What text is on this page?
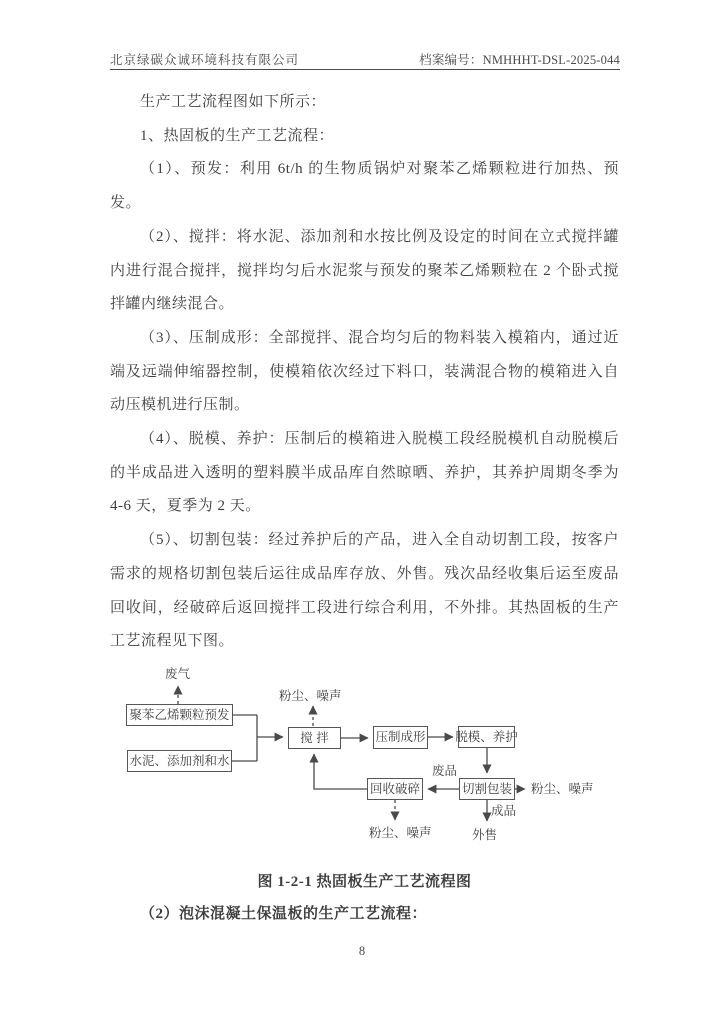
北京绿碳众诚环境科技有限公司	档案编号：NMHHHT-DSL-2025-044

生产工艺流程图如下所示：

1、热固板的生产工艺流程：

（1）、预发：利用 6t/h 的生物质锅炉对聚苯乙烯颗粒进行加热、预发。

（2）、搅拌：将水泥、添加剂和水按比例及设定的时间在立式搅拌罐内进行混合搅拌，搅拌均匀后水泥浆与预发的聚苯乙烯颗粒在 2 个卧式搅拌罐内继续混合。

（3）、压制成形：全部搅拌、混合均匀后的物料装入模箱内，通过近端及远端伸缩器控制，使模箱依次经过下料口，装满混合物的模箱进入自动压模机进行压制。

（4）、脱模、养护：压制后的模箱进入脱模工段经脱模机自动脱模后的半成品进入透明的塑料膜半成品库自然晾晒、养护，其养护周期冬季为 4-6 天，夏季为 2 天。

（5）、切割包装：经过养护后的产品，进入全自动切割工段，按客户需求的规格切割包装后运往成品库存放、外售。残次品经收集后运至废品回收间，经破碎后返回搅拌工段进行综合利用，不外排。其热固板的生产工艺流程见下图。

聚苯乙烯颗粒预发
水泥、添加剂和水
搅 拌	压制成形 脱模、养护
切割包装
回收破碎
废气
粉尘、噪声
废品
粉尘、噪声
成品
外售
粉尘、噪声

图 1-2-1 热固板生产工艺流程图

（2）泡沫混凝土保温板的生产工艺流程：

8
